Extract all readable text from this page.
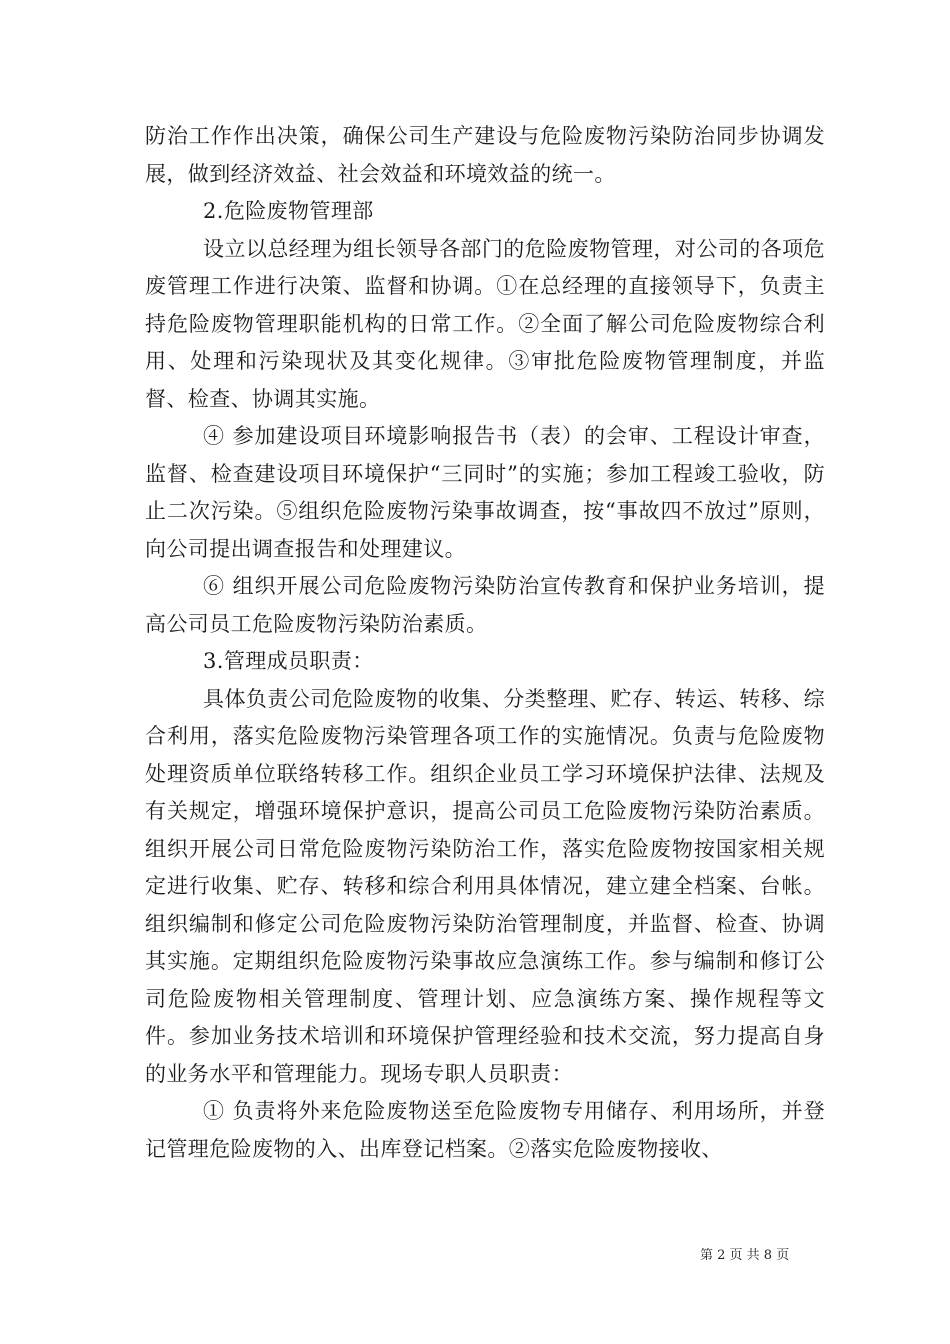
防治工作作出决策，确保公司生产建设与危险废物污染防治同步协调发展，做到经济效益、社会效益和环境效益的统一。

2.危险废物管理部

设立以总经理为组长领导各部门的危险废物管理，对公司的各项危废管理工作进行决策、监督和协调。①在总经理的直接领导下，负责主持危险废物管理职能机构的日常工作。②全面了解公司危险废物综合利用、处理和污染现状及其变化规律。③审批危险废物管理制度，并监督、检查、协调其实施。

④ 参加建设项目环境影响报告书（表）的会审、工程设计审查，监督、检查建设项目环境保护“三同时”的实施；参加工程竣工验收，防止二次污染。⑤组织危险废物污染事故调查，按“事故四不放过”原则，向公司提出调查报告和处理建议。

⑥ 组织开展公司危险废物污染防治宣传教育和保护业务培训，提高公司员工危险废物污染防治素质。

3.管理成员职责：

具体负责公司危险废物的收集、分类整理、贮存、转运、转移、综合利用，落实危险废物污染管理各项工作的实施情况。负责与危险废物处理资质单位联络转移工作。组织企业员工学习环境保护法律、法规及有关规定，增强环境保护意识，提高公司员工危险废物污染防治素质。组织开展公司日常危险废物污染防治工作，落实危险废物按国家相关规定进行收集、贮存、转移和综合利用具体情况，建立建全档案、台帐。组织编制和修定公司危险废物污染防治管理制度，并监督、检查、协调其实施。定期组织危险废物污染事故应急演练工作。参与编制和修订公司危险废物相关管理制度、管理计划、应急演练方案、操作规程等文件。参加业务技术培训和环境保护管理经验和技术交流，努力提高自身的业务水平和管理能力。现场专职人员职责：

① 负责将外来危险废物送至危险废物专用储存、利用场所，并登记管理危险废物的入、出库登记档案。②落实危险废物接收、

第 2 页 共 8 页
